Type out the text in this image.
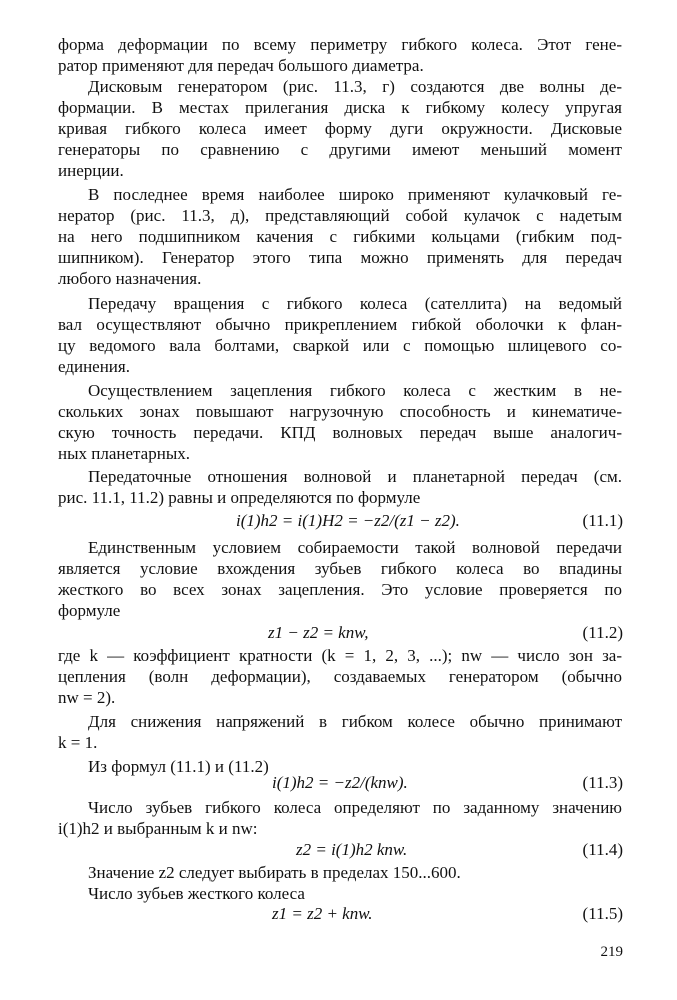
форма деформации по всему периметру гибкого колеса. Этот гене-
ратор применяют для передач большого диаметра.
Дисковым генератором (рис. 11.3, г) создаются две волны де-
формации. В местах прилегания диска к гибкому колесу упругая
кривая гибкого колеса имеет форму дуги окружности. Дисковые
генераторы по сравнению с другими имеют меньший момент
инерции.
В последнее время наиболее широко применяют кулачковый ге-
нератор (рис. 11.3, д), представляющий собой кулачок с надетым
на него подшипником качения с гибкими кольцами (гибким под-
шипником). Генератор этого типа можно применять для передач
любого назначения.
Передачу вращения с гибкого колеса (сателлита) на ведомый
вал осуществляют обычно прикреплением гибкой оболочки к флан-
цу ведомого вала болтами, сваркой или с помощью шлицевого со-
единения.
Осуществлением зацепления гибкого колеса с жестким в не-
скольких зонах повышают нагрузочную способность и кинематиче-
скую точность передачи. КПД волновых передач выше аналогич-
ных планетарных.
Передаточные отношения волновой и планетарной передач (см.
рис. 11.1, 11.2) равны и определяются по формуле
i(1)h2 = i(1)H2 = −z2/(z1 − z2).	(11.1)
Единственным условием собираемости такой волновой передачи
является условие вхождения зубьев гибкого колеса во впадины
жесткого во всех зонах зацепления. Это условие проверяется по
формуле
z1 − z2 = knw,	(11.2)
где k — коэффициент кратности (k = 1, 2, 3, ...); nw — число зон за-
цепления (волн деформации), создаваемых генератором (обычно
nw = 2).
Для снижения напряжений в гибком колесе обычно принимают
k = 1.
Из формул (11.1) и (11.2)
i(1)h2 = −z2/(knw).	(11.3)
Число зубьев гибкого колеса определяют по заданному значению
i(1)h2 и выбранным k и nw:
z2 = i(1)h2 knw.	(11.4)
Значение z2 следует выбирать в пределах 150...600.
Число зубьев жесткого колеса
z1 = z2 + knw.	(11.5)
219
